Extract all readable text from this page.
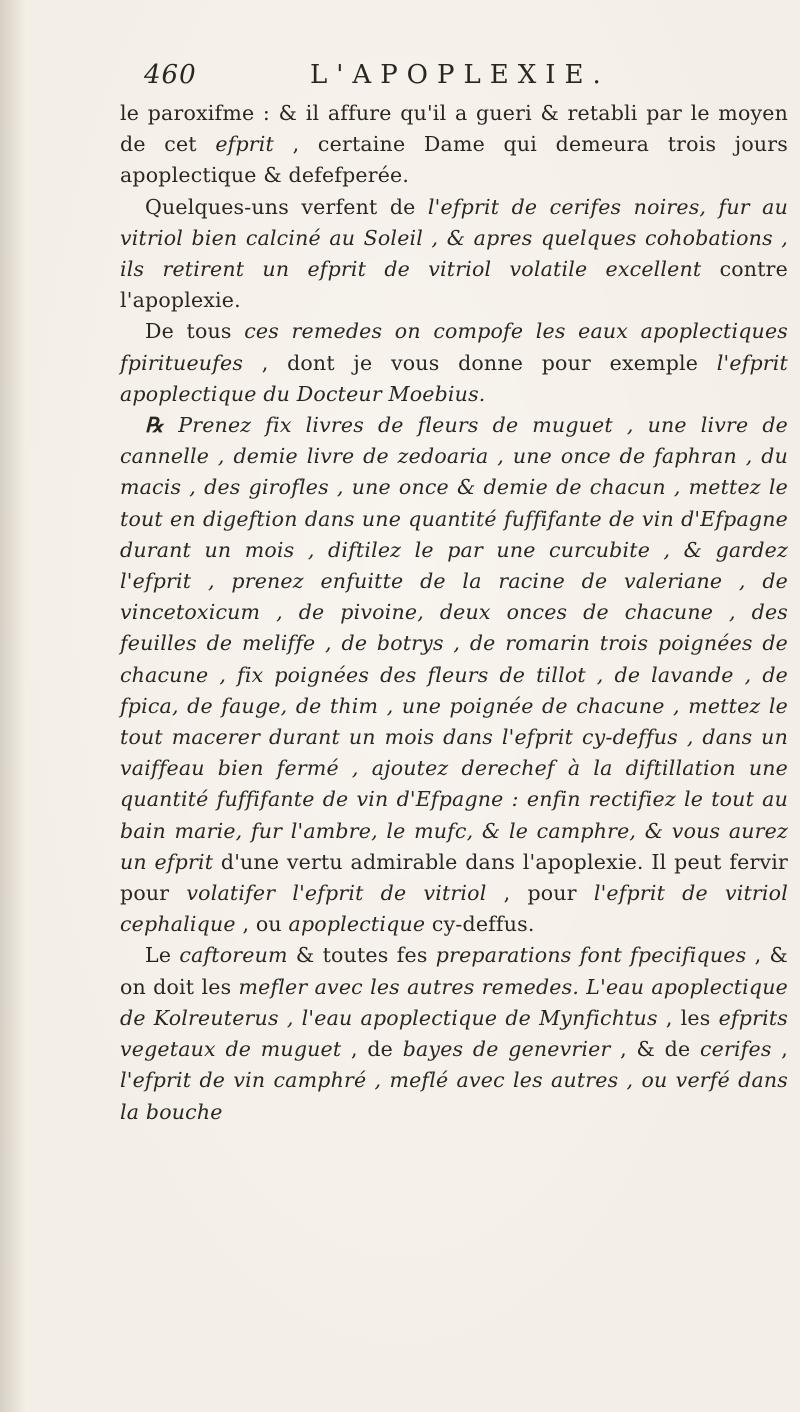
460	L'APOPLEXIE.

le paroxifme : & il affure qu'il a gueri & retabli par le moyen de cet efprit , certaine Dame qui demeura trois jours apoplectique & defefperée.

Quelques-uns verfent de l'efprit de cerifes noires, fur au vitriol bien calciné au Soleil , & apres quelques cohobations , ils retirent un efprit de vitriol volatile excellent contre l'apoplexie.

De tous ces remedes on compofe les eaux apoplectiques fpiritueufes , dont je vous donne pour exemple l'efprit apoplectique du Docteur Moebius.

℞ Prenez fix livres de fleurs de muguet , une livre de cannelle , demie livre de zedoaria , une once de faphran , du macis , des girofles , une once & demie de chacun , mettez le tout en digeftion dans une quantité fuffifante de vin d'Efpagne durant un mois , diftilez le par une curcubite , & gardez l'efprit , prenez enfuitte de la racine de valeriane , de vincetoxicum , de pivoine, deux onces de chacune , des feuilles de meliffe , de botrys , de romarin trois poignées de chacune , fix poignées des fleurs de tillot , de lavande , de fpica, de fauge, de thim , une poignée de chacune , mettez le tout macerer durant un mois dans l'efprit cy-deffus , dans un vaiffeau bien fermé , ajoutez derechef à la diftillation une quantité fuffifante de vin d'Efpagne : enfin rectifiez le tout au bain marie, fur l'ambre, le mufc, & le camphre, & vous aurez un efprit d'une vertu admirable dans l'apoplexie. Il peut fervir pour volatifer l'efprit de vitriol , pour l'efprit de vitriol cephalique , ou apoplectique cy-deffus.

Le caftoreum & toutes fes preparations font fpecifiques , & on doit les mefler avec les autres remedes. L'eau apoplectique de Kolreuterus , l'eau apoplectique de Mynfichtus , les efprits vegetaux de muguet , de bayes de genevrier , & de cerifes , l'efprit de vin camphré , meflé avec les autres , ou verfé dans la bouche
